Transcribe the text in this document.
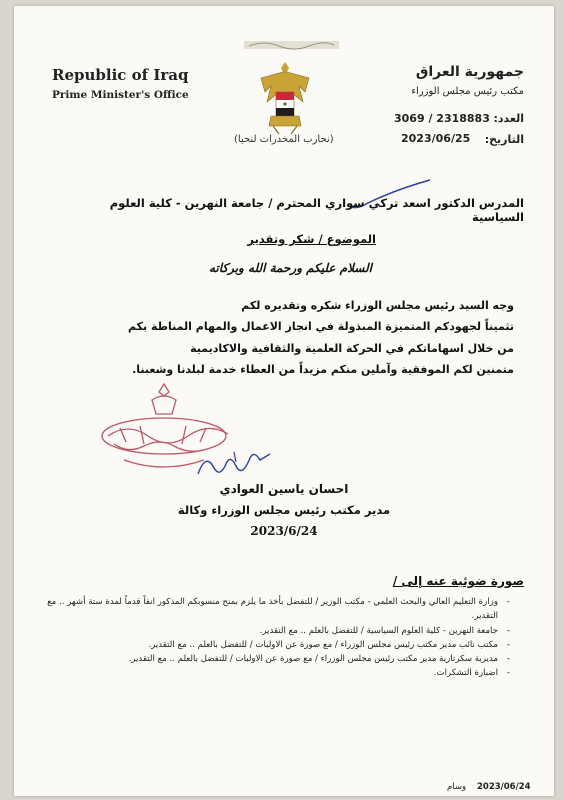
Republic of Iraq
Prime Minister's Office
جمهورية العراق
مكتب رئيس مجلس الوزراء
العدد:
3069 / 2318883
التاريخ:
2023/06/25
(نحارب المخدرات لنحيا)
المدرس الدكتور اسعد تركي سواري المحترم / جامعة النهرين - كلية العلوم السياسية
الموضوع / شكر وتقدير
السلام عليكم ورحمة الله وبركاته
وجه السيد رئيس مجلس الوزراء شكره وتقديره لكم
تثميناً لجهودكم المتميزة المبذولة في انجاز الاعمال والمهام المناطة بكم
من خلال اسهاماتكم في الحركة العلمية والثقافية والاكاديمية
متمنين لكم الموفقية وآملين منكم مزيداً من العطاء خدمة لبلدنا وشعبنا.
احسان ياسين العوادي
مدير مكتب رئيس مجلس الوزراء وكالة
2023/6/24
صورة ضوئية عنه إلى /
- وزارة التعليم العالي والبحث العلمي - مكتب الوزير / للتفضل بأخذ ما يلزم بمنح منسوبكم المذكور انفاً قدماً لمدة ستة أشهر .. مع التقدير.
- جامعة النهرين - كلية العلوم السياسية / للتفضل بالعلم .. مع التقدير.
- مكتب نائب مدير مكتب رئيس مجلس الوزراء / مع صورة عن الاوليات / للتفضل بالعلم .. مع التقدير.
- مديرية سكرتارية مدير مكتب رئيس مجلس الوزراء / مع صورة عن الاوليات / للتفضل بالعلم .. مع التقدير.
- اضبارة التشكرات.
2023/06/24
وسام
